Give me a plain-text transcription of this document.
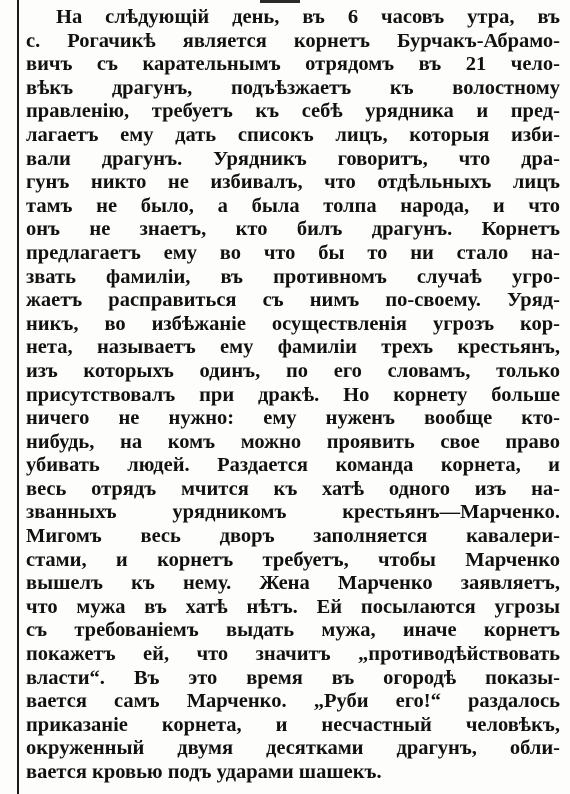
На слѣдующій день, въ 6 часовъ утра, въ
с. Рогачикѣ является корнетъ Бурчакъ-Абрамо-
вичъ съ карательнымъ отрядомъ въ 21 чело-
вѣкъ драгунъ, подъѣзжаетъ къ волостному
правленію, требуетъ къ себѣ урядника и пред-
лагаетъ ему дать списокъ лицъ, которыя изби-
вали драгунъ. Урядникъ говоритъ, что дра-
гунъ никто не избивалъ, что отдѣльныхъ лицъ
тамъ не было, а была толпа народа, и что
онъ не знаетъ, кто билъ драгунъ. Корнетъ
предлагаетъ ему во что бы то ни стало на-
звать фамиліи, въ противномъ случаѣ угро-
жаетъ расправиться съ нимъ по-своему. Уряд-
никъ, во избѣжаніе осуществленія угрозъ кор-
нета, называетъ ему фамиліи трехъ крестьянъ,
изъ которыхъ одинъ, по его словамъ, только
присутствовалъ при дракѣ. Но корнету больше
ничего не нужно: ему нуженъ вообще кто-
нибудь, на комъ можно проявить свое право
убивать людей. Раздается команда корнета, и
весь отрядъ мчится къ хатѣ одного изъ на-
званныхъ урядникомъ крестьянъ—Марченко.
Мигомъ весь дворъ заполняется кавалери-
стами, и корнетъ требуетъ, чтобы Марченко
вышелъ къ нему. Жена Марченко заявляетъ,
что мужа въ хатѣ нѣтъ. Ей посылаются угрозы
съ требованіемъ выдать мужа, иначе корнетъ
покажетъ ей, что значитъ „противодѣйствовать
власти“. Въ это время въ огородѣ показы-
вается самъ Марченко. „Руби его!“ раздалось
приказаніе корнета, и несчастный человѣкъ,
окруженный двумя десятками драгунъ, обли-
вается кровью подъ ударами шашекъ.
